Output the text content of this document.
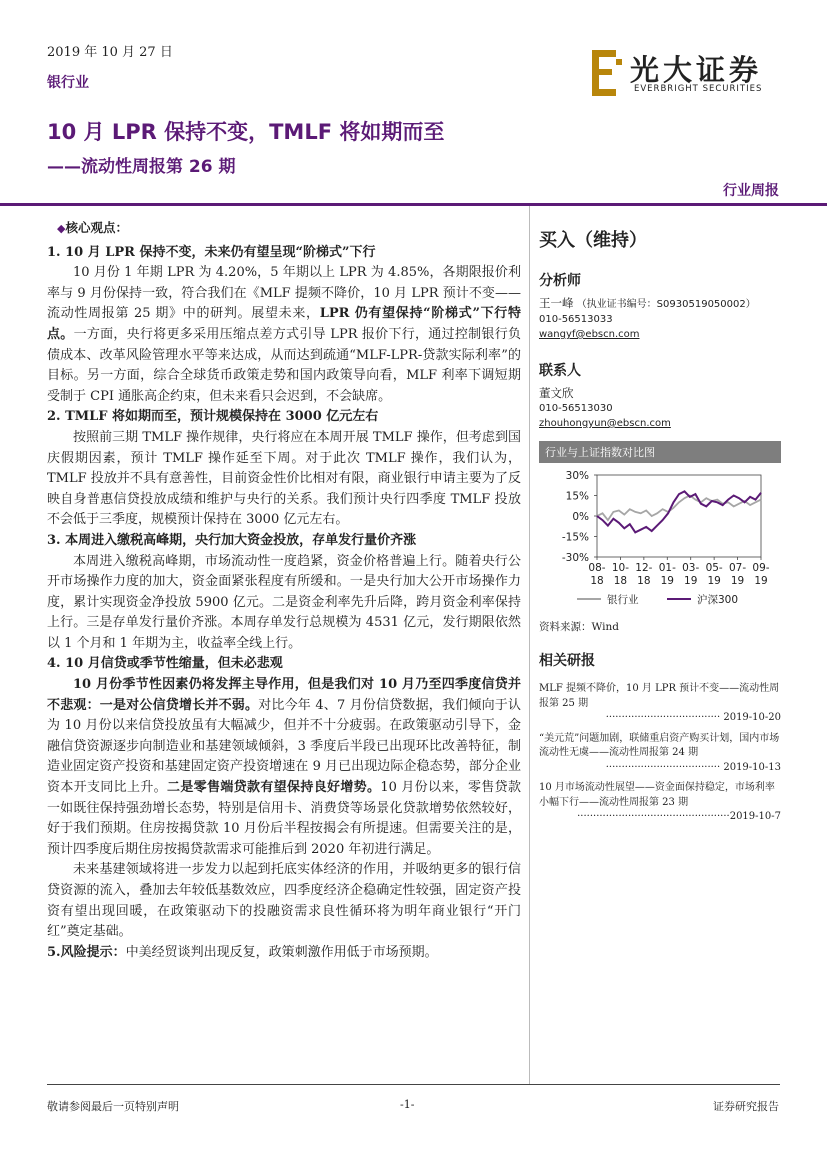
2019 年 10 月 27 日
银行业	光大证券
EVERBRIGHT SECURITIES
10 月 LPR 保持不变，TMLF 将如期而至
——流动性周报第 26 期
行业周报
◆核心观点：

1. 10 月 LPR 保持不变，未来仍有望呈现“阶梯式”下行

10 月份 1 年期 LPR 为 4.20%，5 年期以上 LPR 为 4.85%，各期限报价利率与 9 月份保持一致，符合我们在《MLF 提频不降价，10 月 LPR 预计不变——流动性周报第 25 期》中的研判。展望未来，LPR 仍有望保持“阶梯式”下行特点。一方面，央行将更多采用压缩点差方式引导 LPR 报价下行，通过控制银行负债成本、改革风险管理水平等来达成，从而达到疏通“MLF-LPR-贷款实际利率”的目标。另一方面，综合全球货币政策走势和国内政策导向看，MLF 利率下调短期受制于 CPI 通胀高企约束，但未来看只会迟到，不会缺席。

2. TMLF 将如期而至，预计规模保持在 3000 亿元左右

按照前三期 TMLF 操作规律，央行将应在本周开展 TMLF 操作，但考虑到国庆假期因素，预计 TMLF 操作延至下周。对于此次 TMLF 操作，我们认为，TMLF 投放并不具有意善性，目前资金性价比相对有限，商业银行申请主要为了反映自身普惠信贷投放成绩和维护与央行的关系。我们预计央行四季度 TMLF 投放不会低于三季度，规模预计保持在 3000 亿元左右。

3. 本周进入缴税高峰期，央行加大资金投放，存单发行量价齐涨

本周进入缴税高峰期，市场流动性一度趋紧，资金价格普遍上行。随着央行公开市场操作力度的加大，资金面紧张程度有所缓和。一是央行加大公开市场操作力度，累计实现资金净投放 5900 亿元。二是资金利率先升后降，跨月资金利率保持上行。三是存单发行量价齐涨。本周存单发行总规模为 4531 亿元，发行期限依然以 1 个月和 1 年期为主，收益率全线上行。

4. 10 月信贷或季节性缩量，但未必悲观

10 月份季节性因素仍将发挥主导作用，但是我们对 10 月乃至四季度信贷并不悲观：一是对公信贷增长并不弱。对比今年 4、7 月份信贷数据，我们倾向于认为 10 月份以来信贷投放虽有大幅减少，但并不十分疲弱。在政策驱动引导下，金融信贷资源逐步向制造业和基建领域倾斜，3 季度后半段已出现环比改善特征，制造业固定资产投资和基建固定资产投资增速在 9 月已出现边际企稳态势，部分企业资本开支同比上升。二是零售端贷款有望保持良好增势。10 月份以来，零售贷款一如既往保持强劲增长态势，特别是信用卡、消费贷等场景化贷款增势依然较好，好于我们预期。住房按揭贷款 10 月份后半程按揭会有所提速。但需要关注的是，预计四季度后期住房按揭贷款需求可能推后到 2020 年初进行满足。

未来基建领域将进一步发力以起到托底实体经济的作用，并吸纳更多的银行信贷资源的流入，叠加去年较低基数效应，四季度经济企稳确定性较强，固定资产投资有望出现回暖，在政策驱动下的投融资需求良性循环将为明年商业银行“开门红”奠定基础。

5.风险提示：中美经贸谈判出现反复，政策刺激作用低于市场预期。

买入（维持）
分析师
王一峰 （执业证书编号：S0930519050002）
010-56513033
wangyf@ebscn.com
联系人
董文欣
010-56513030
zhouhongyun@ebscn.com
行业与上证指数对比图
30%
15%
0%
-15%
-30%
08-
18
10-
18
12-
18
01-
19
03-
19
05-
19
07-
19
09-
19
银行业	沪深300
资料来源：Wind
相关研报
MLF 提频不降价，10 月 LPR 预计不变——流动性周报第 25 期
···································· 2019-10-20
“美元荒”问题加剧，联储重启资产购买计划，国内市场流动性无虞——流动性周报第 24 期
···································· 2019-10-13
10 月市场流动性展望——资金面保持稳定，市场利率小幅下行——流动性周报第 23 期
················································ 2019-10-7
敬请参阅最后一页特别声明	-1-	证券研究报告
